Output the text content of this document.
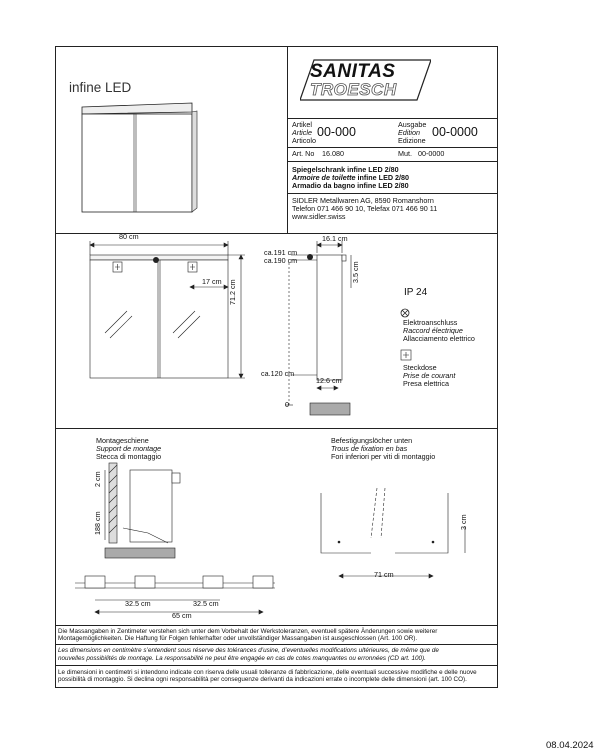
infine LED
SANITAS
TROESCH
Artikel
Article
Articolo
00-000
Ausgabe
Edition
Edizione
00-0000
Art. No 16.080	Mut. 00-0000
Spiegelschrank infine LED 2/80
Armoire de toilette infine LED 2/80
Armadio da bagno infine LED 2/80
SIDLER Metallwaren AG, 8590 Romanshorn
Telefon 071 466 90 10, Telefax 071 466 90 11
www.sidler.swiss
80 cm
17 cm 71.2 cm
16.1 cm
ca.191 cm
ca.190 cm
ca.120 cm
12.6 cm
3.5 cm
0
IP 24
Elektroanschluss
Raccord électrique
Allacciamento elettrico
Steckdose
Prise de courant
Presa elettrica
Montageschiene
Support de montage
Stecca di montaggio
Befestigungslöcher unten
Trous de fixation en bas
Fori inferiori per viti di montaggio
2 cm
188 cm
32.5 cm	32.5 cm
65 cm
3 cm
71 cm
Die Massangaben in Zentimeter verstehen sich unter dem Vorbehalt der Werkstoleranzen, eventuell spätere Änderungen sowie weiterer
Montagemöglichkeiten. Die Haftung für Folgen fehlerhafter oder unvollständiger Massangaben ist ausgeschlossen (Art. 100 OR).
Les dimensions en centimètre s’entendent sous réserve des tolérances d’usine, d’eventuelles modifications ultérieures, de même que de
nouvelles possibilités de montage. La responsabilité ne peut être engagée en cas de cotes manquantes ou erronnées (CD art. 100).
Le dimensioni in centimetri si intendono indicate con riserva delle usuali tolleranze di fabbricazione, delle eventuali successive modifiche e delle nuove
possibilità di montaggio. Si declina ogni responsabilità per conseguenze derivanti da indicazioni errate o incomplete delle dimensioni (art. 100 CO).
08.04.2024
